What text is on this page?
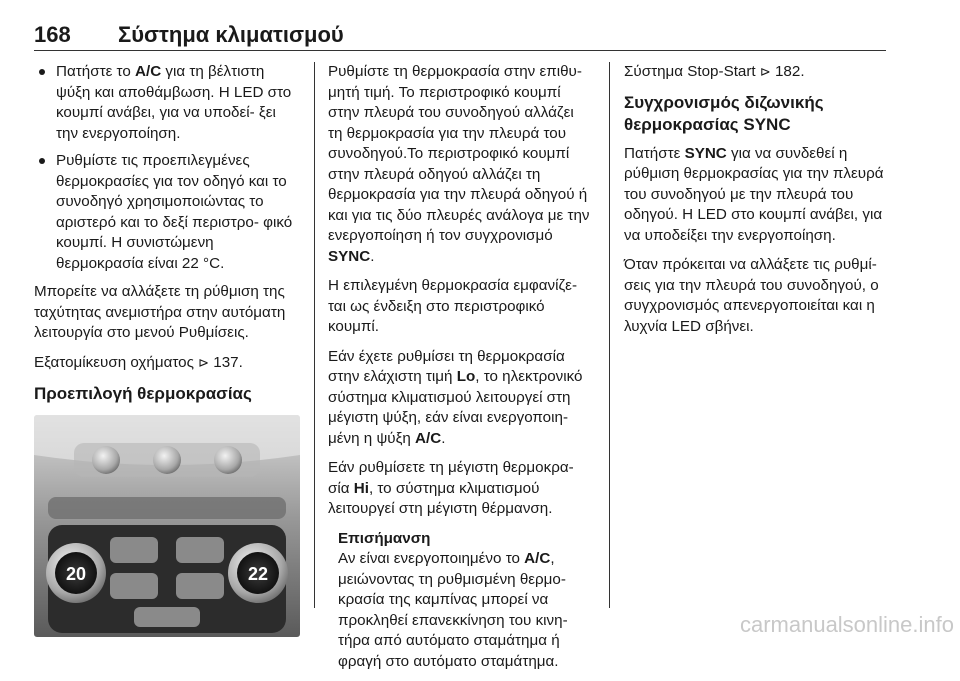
168 Σύστημα κλιματισμού
Πατήστε το A/C για τη βέλτιστη ψύξη και αποθάμβωση. Η LED στο κουμπί ανάβει, για να υποδεί- ξει την ενεργοποίηση.
Ρυθμίστε τις προεπιλεγμένες θερμοκρασίες για τον οδηγό και το συνοδηγό χρησιμοποιώντας το αριστερό και το δεξί περιστρο- φικό κουμπί. Η συνιστώμενη θερμοκρασία είναι 22 °C.

Μπορείτε να αλλάξετε τη ρύθμιση της ταχύτητας ανεμιστήρα στην αυτόματη λειτουργία στο μενού Ρυθμίσεις.

Εξατομίκευση οχήματος ⊳ 137.

Προεπιλογή θερμοκρασίας
20	22

Ρυθμίστε τη θερμοκρασία στην επιθυ- μητή τιμή. Το περιστροφικό κουμπί στην πλευρά του συνοδηγού αλλάζει τη θερμοκρασία για την πλευρά του συνοδηγού.Το περιστροφικό κουμπί στην πλευρά οδηγού αλλάζει τη θερμοκρασία για την πλευρά οδηγού ή και για τις δύο πλευρές ανάλογα με την ενεργοποίηση ή τον συγχρονισμό SYNC.

Η επιλεγμένη θερμοκρασία εμφανίζε- ται ως ένδειξη στο περιστροφικό κουμπί.

Εάν έχετε ρυθμίσει τη θερμοκρασία στην ελάχιστη τιμή Lo, το ηλεκτρονικό σύστημα κλιματισμού λειτουργεί στη μέγιστη ψύξη, εάν είναι ενεργοποιη- μένη η ψύξη A/C.

Εάν ρυθμίσετε τη μέγιστη θερμοκρα- σία Hi, το σύστημα κλιματισμού λειτουργεί στη μέγιστη θέρμανση.

Επισήμανση

Αν είναι ενεργοποιημένο το A/C, μειώνοντας τη ρυθμισμένη θερμο- κρασία της καμπίνας μπορεί να προκληθεί επανεκκίνηση του κινη- τήρα από αυτόματο σταμάτημα ή φραγή στο αυτόματο σταμάτημα.

Σύστημα Stop-Start ⊳ 182.

Συγχρονισμός διζωνικής θερμοκρασίας SYNC

Πατήστε SYNC για να συνδεθεί η ρύθμιση θερμοκρασίας για την πλευρά του συνοδηγού με την πλευρά του οδηγού. Η LED στο κουμπί ανάβει, για να υποδείξει την ενεργοποίηση.

Όταν πρόκειται να αλλάξετε τις ρυθμί- σεις για την πλευρά του συνοδηγού, ο συγχρονισμός απενεργοποιείται και η λυχνία LED σβήνει.

carmanualsonline.info
